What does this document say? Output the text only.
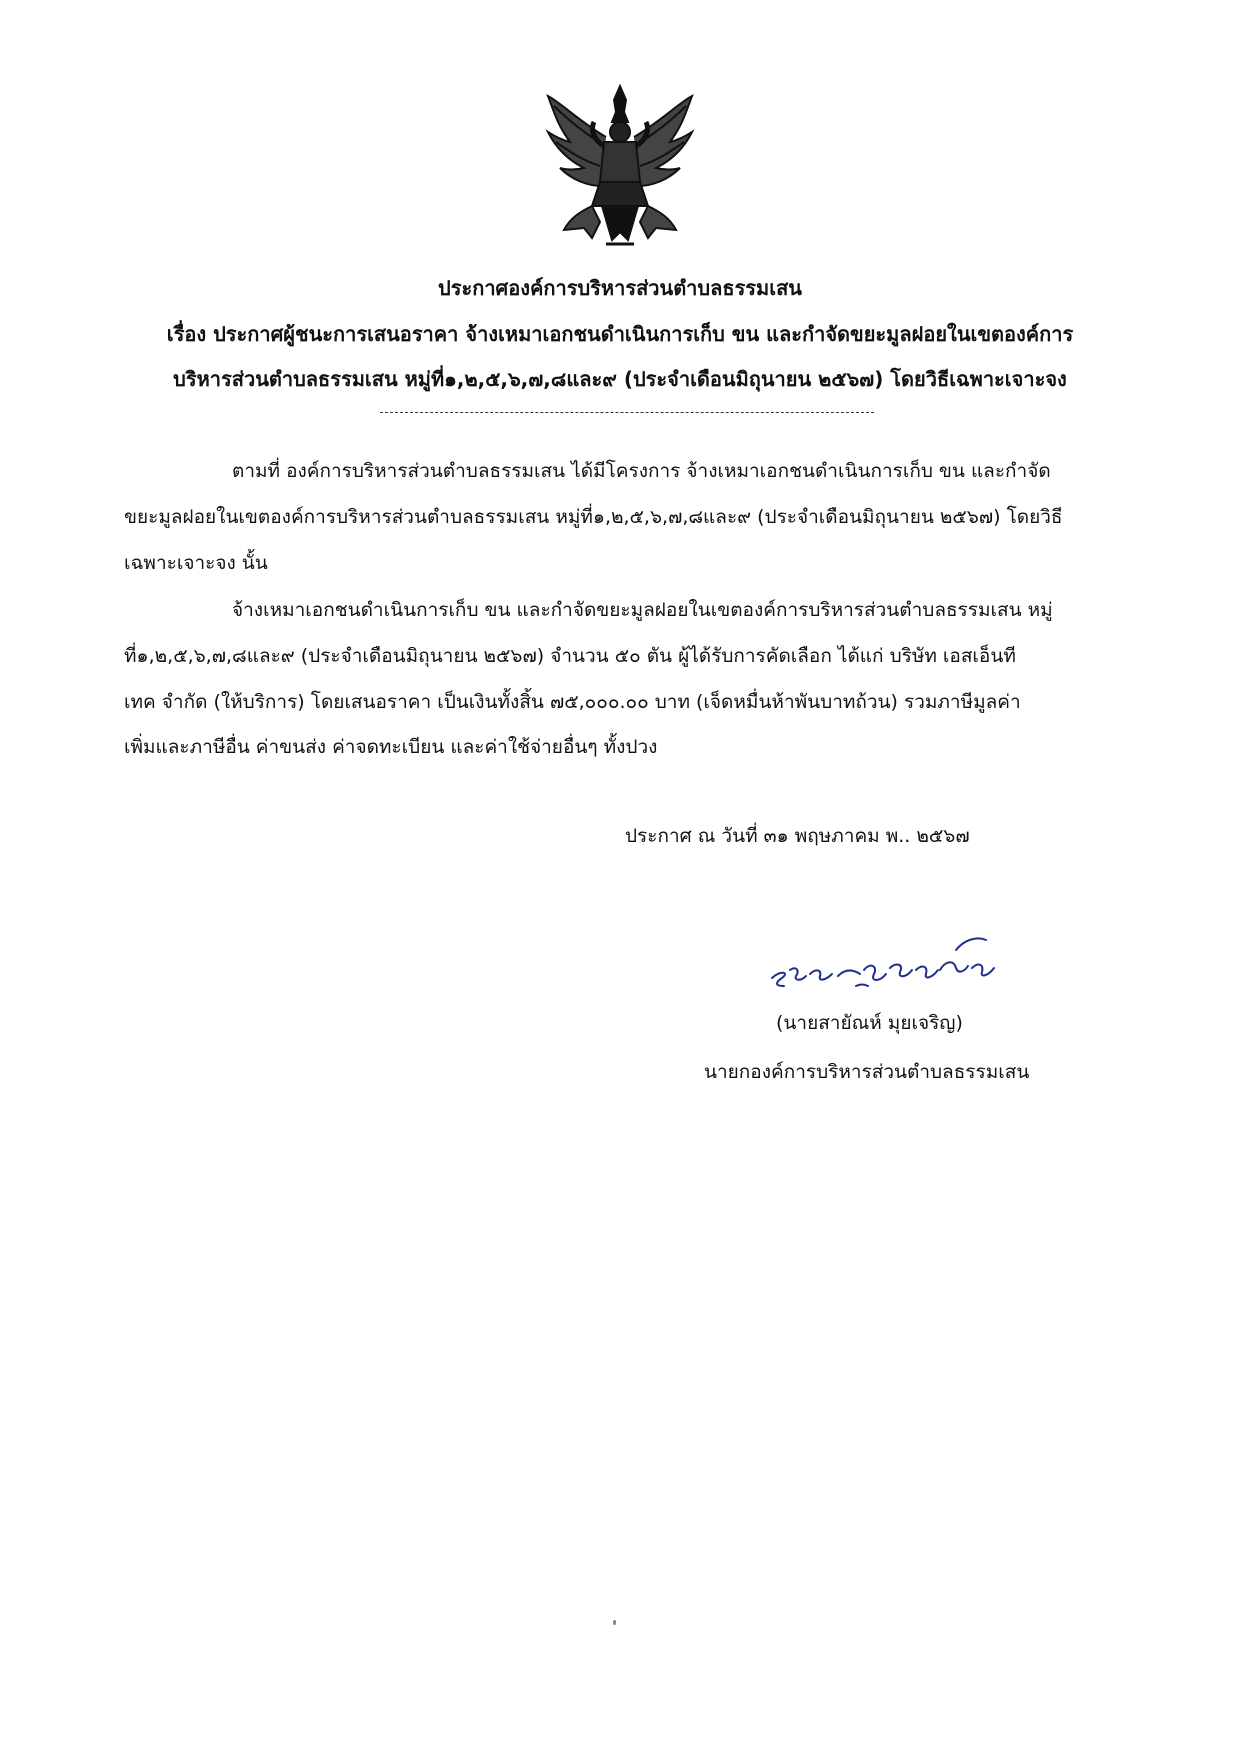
ประกาศองค์การบริหารส่วนตำบลธรรมเสน
เรื่อง ประกาศผู้ชนะการเสนอราคา จ้างเหมาเอกชนดำเนินการเก็บ ขน และกำจัดขยะมูลฝอยในเขตองค์การ
บริหารส่วนตำบลธรรมเสน หมู่ที่๑,๒,๕,๖,๗,๘และ๙ (ประจำเดือนมิถุนายน ๒๕๖๗) โดยวิธีเฉพาะเจาะจง
ตามที่ องค์การบริหารส่วนตำบลธรรมเสน ได้มีโครงการ จ้างเหมาเอกชนดำเนินการเก็บ ขน และกำจัด
ขยะมูลฝอยในเขตองค์การบริหารส่วนตำบลธรรมเสน หมู่ที่๑,๒,๕,๖,๗,๘และ๙ (ประจำเดือนมิถุนายน ๒๕๖๗) โดยวิธี
เฉพาะเจาะจง นั้น
จ้างเหมาเอกชนดำเนินการเก็บ ขน และกำจัดขยะมูลฝอยในเขตองค์การบริหารส่วนตำบลธรรมเสน หมู่
ที่๑,๒,๕,๖,๗,๘และ๙ (ประจำเดือนมิถุนายน ๒๕๖๗) จำนวน ๕๐ ตัน ผู้ได้รับการคัดเลือก ได้แก่ บริษัท เอสเอ็นที
เทค จำกัด (ให้บริการ) โดยเสนอราคา เป็นเงินทั้งสิ้น ๗๕,๐๐๐.๐๐ บาท (เจ็ดหมื่นห้าพันบาทถ้วน) รวมภาษีมูลค่า
เพิ่มและภาษีอื่น ค่าขนส่ง ค่าจดทะเบียน และค่าใช้จ่ายอื่นๆ ทั้งปวง
ประกาศ ณ วันที่ ๓๑ พฤษภาคม พ.. ๒๕๖๗
(นายสายัณห์ มุยเจริญ)
นายกองค์การบริหารส่วนตำบลธรรมเสน
